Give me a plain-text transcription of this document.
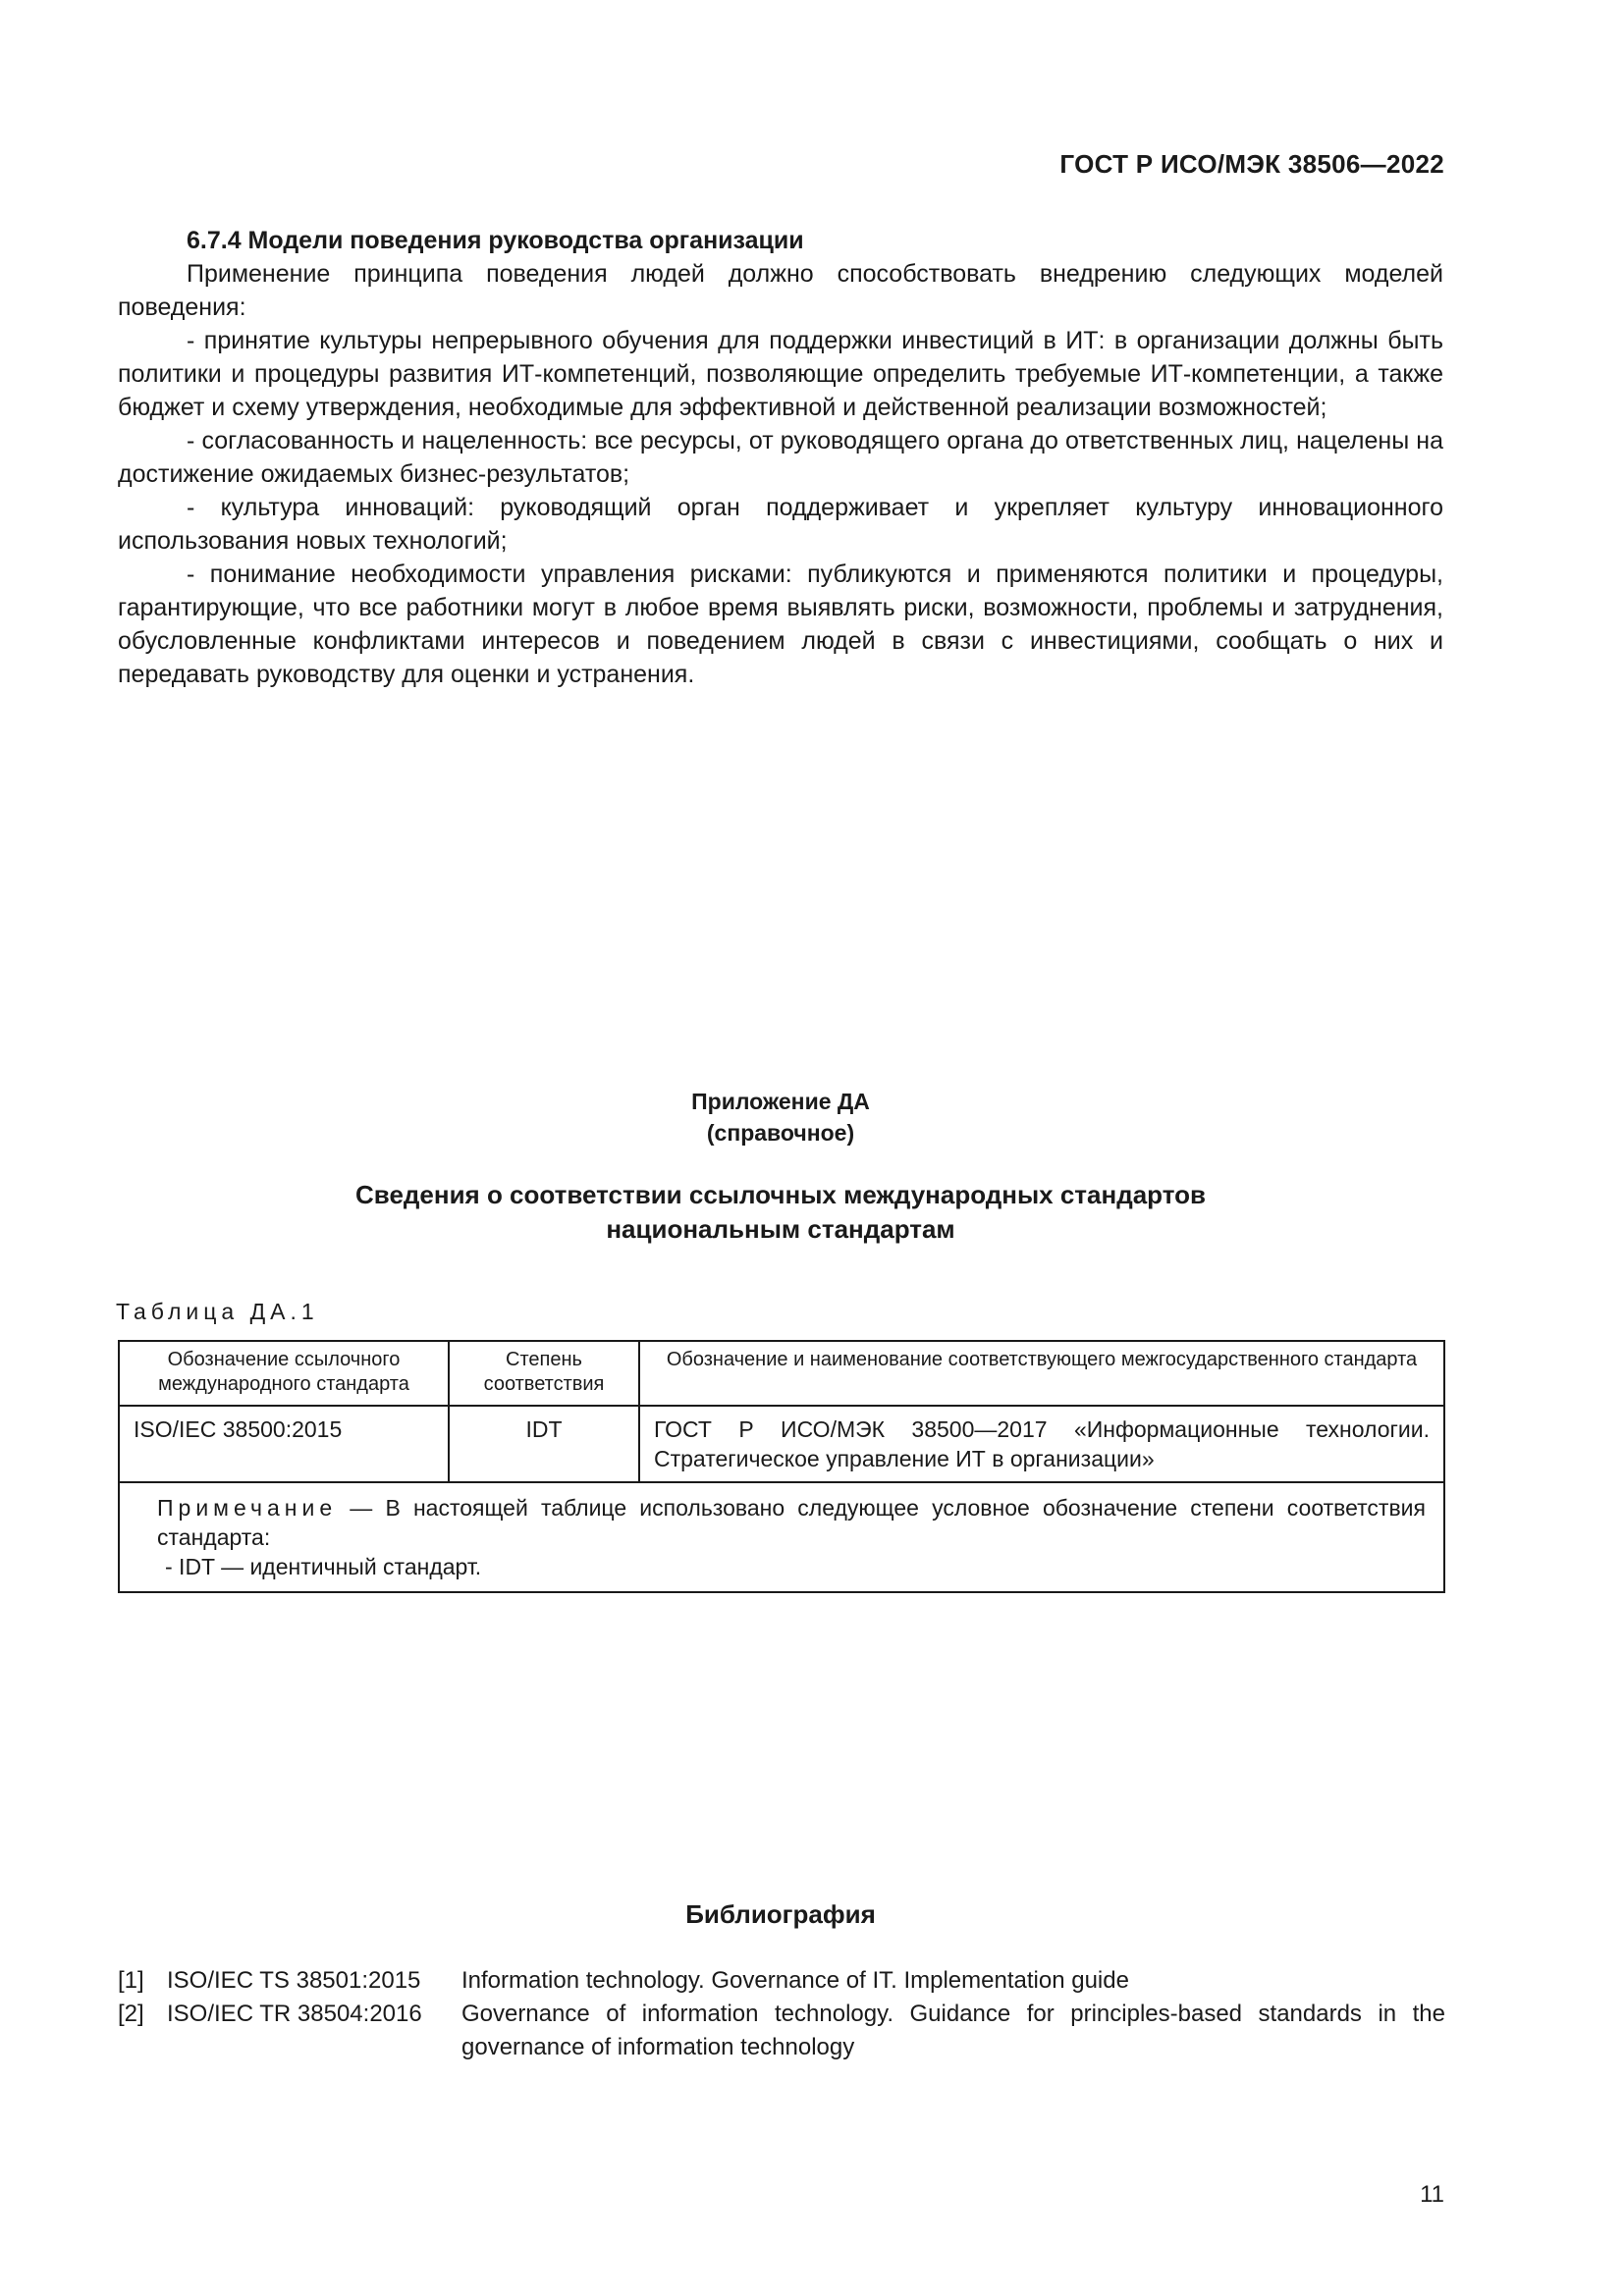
ГОСТ Р ИСО/МЭК 38506—2022

6.7.4 Модели поведения руководства организации

Применение принципа поведения людей должно способствовать внедрению следующих моделей поведения:

- принятие культуры непрерывного обучения для поддержки инвестиций в ИТ: в организации должны быть политики и процедуры развития ИТ-компетенций, позволяющие определить требуемые ИТ-компетенции, а также бюджет и схему утверждения, необходимые для эффективной и действенной реализации возможностей;

- согласованность и нацеленность: все ресурсы, от руководящего органа до ответственных лиц, нацелены на достижение ожидаемых бизнес-результатов;

- культура инноваций: руководящий орган поддерживает и укрепляет культуру инновационного использования новых технологий;

- понимание необходимости управления рисками: публикуются и применяются политики и процедуры, гарантирующие, что все работники могут в любое время выявлять риски, возможности, проблемы и затруднения, обусловленные конфликтами интересов и поведением людей в связи с инвестициями, сообщать о них и передавать руководству для оценки и устранения.

Приложение ДА
(справочное)
Сведения о соответствии ссылочных международных стандартов
национальным стандартам
Таблица ДА.1
Обозначение ссылочного международного стандарта	Степень соответствия	Обозначение и наименование соответствующего межгосударственного стандарта
ISO/IEC 38500:2015	IDT	ГОСТ Р ИСО/МЭК 38500—2017 «Информационные технологии. Стратегическое управление ИТ в организации»

Примечание — В настоящей таблице использовано следующее условное обозначение степени соответствия стандарта:
- IDT — идентичный стандарт.		
Библиография
[1] ISO/IEC TS 38501:2015	Information technology. Governance of IT. Implementation guide
[2] ISO/IEC TR 38504:2016	Governance of information technology. Guidance for principles-based standards in the governance of information technology
11
